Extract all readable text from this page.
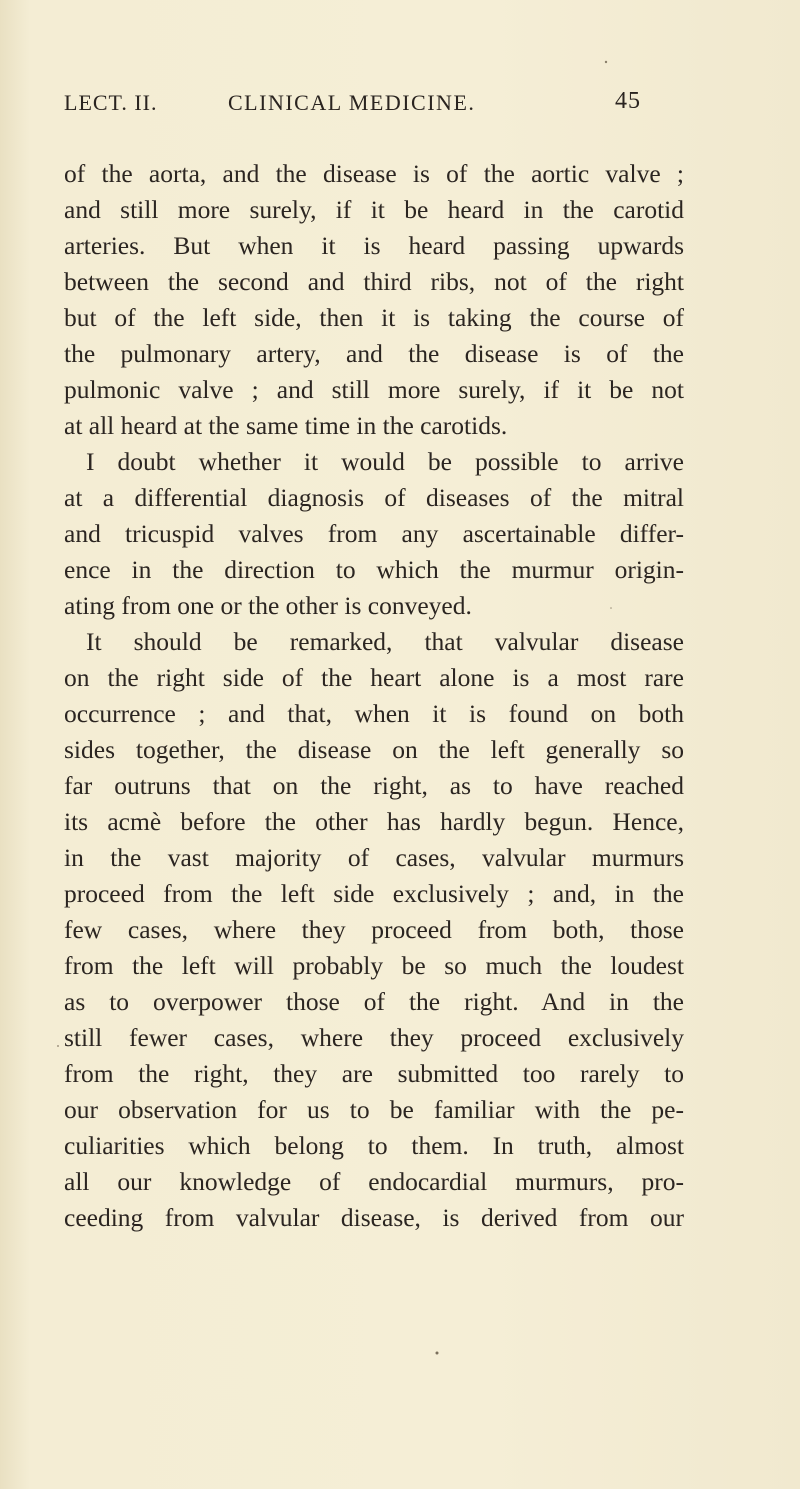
LECT. II.	CLINICAL MEDICINE.	45
of the aorta, and the disease is of the aortic valve ;
and still more surely, if it be heard in the carotid
arteries. But when it is heard passing upwards
between the second and third ribs, not of the right
but of the left side, then it is taking the course of
the pulmonary artery, and the disease is of the
pulmonic valve ; and still more surely, if it be not
at all heard at the same time in the carotids.
I doubt whether it would be possible to arrive
at a differential diagnosis of diseases of the mitral
and tricuspid valves from any ascertainable differ-
ence in the direction to which the murmur origin-
ating from one or the other is conveyed.
It should be remarked, that valvular disease
on the right side of the heart alone is a most rare
occurrence ; and that, when it is found on both
sides together, the disease on the left generally so
far outruns that on the right, as to have reached
its acmè before the other has hardly begun. Hence,
in the vast majority of cases, valvular murmurs
proceed from the left side exclusively ; and, in the
few cases, where they proceed from both, those
from the left will probably be so much the loudest
as to overpower those of the right. And in the
still fewer cases, where they proceed exclusively
from the right, they are submitted too rarely to
our observation for us to be familiar with the pe-
culiarities which belong to them. In truth, almost
all our knowledge of endocardial murmurs, pro-
ceeding from valvular disease, is derived from our
